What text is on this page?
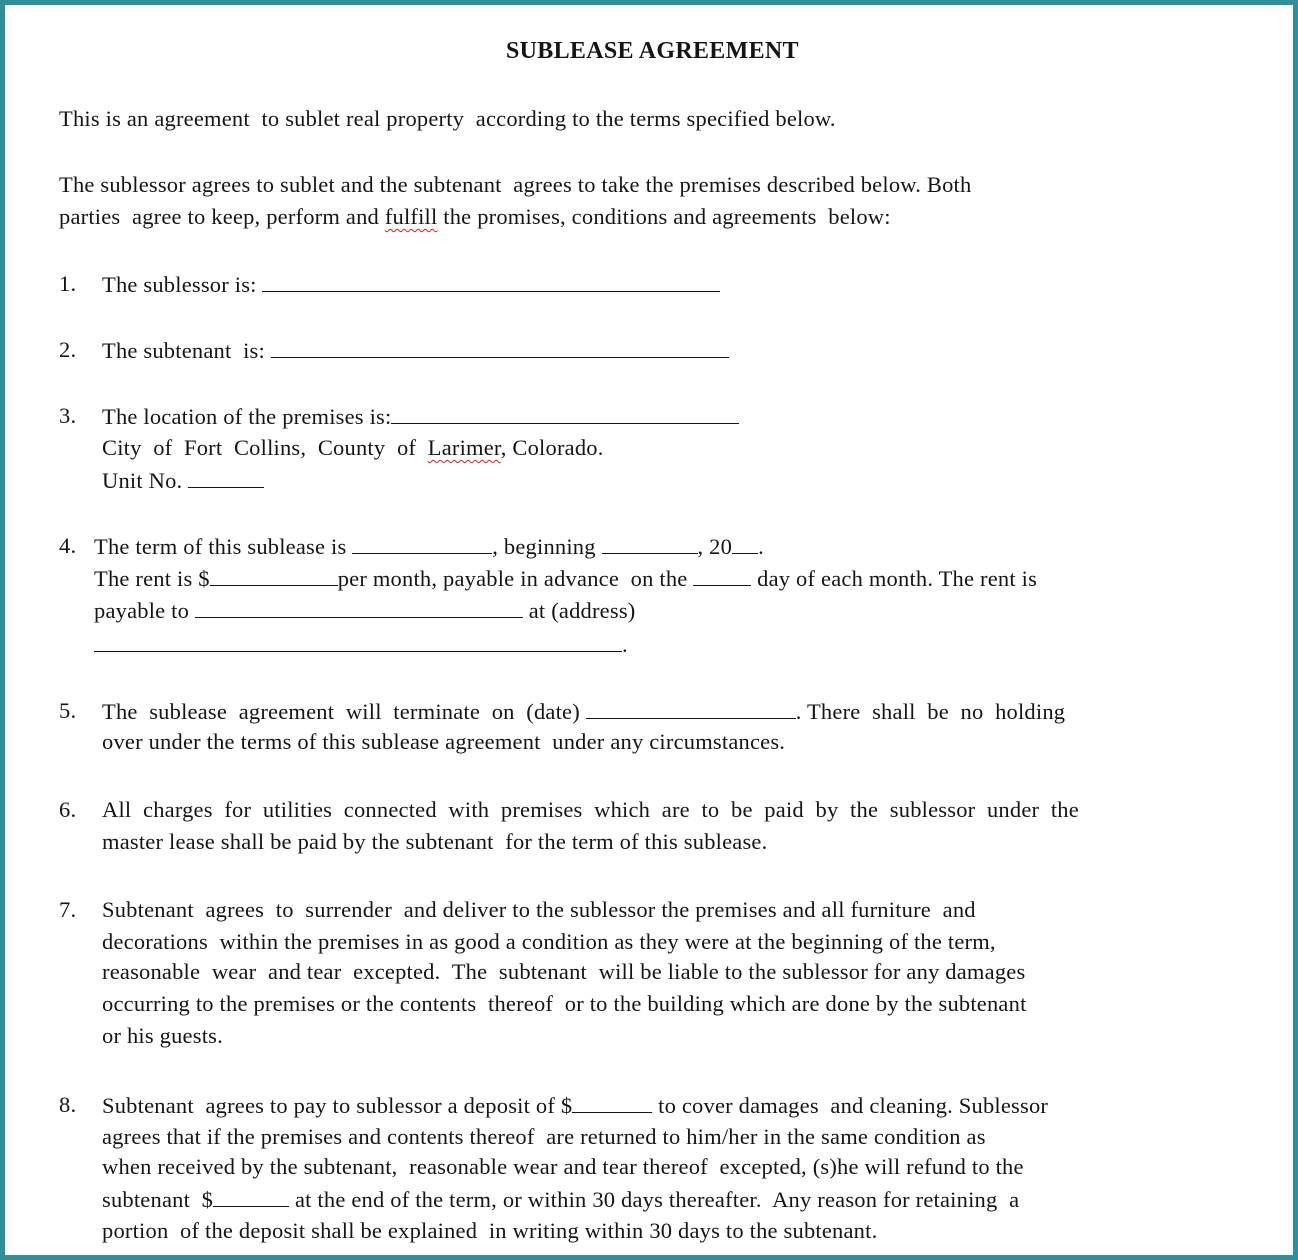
SUBLEASE AGREEMENT
This is an agreement  to sublet real property  according to the terms specified below.
The sublessor agrees to sublet and the subtenant  agrees to take the premises described below. Both
parties  agree to keep, perform and fulfill the promises, conditions and agreements  below:
1. The sublessor is:
2. The subtenant  is:
3. The location of the premises is:
City  of  Fort  Collins,  County  of  Larimer, Colorado.
Unit No.
4. The term of this sublease is	, beginning	, 20 .
The rent is $	per month, payable in advance  on the	day of each month. The rent is
payable to	at (address)
.
5. The  sublease  agreement  will  terminate  on  (date)	. There  shall  be  no  holding
over under the terms of this sublease agreement  under any circumstances.
6. All  charges  for  utilities  connected  with  premises  which  are  to  be  paid  by  the  sublessor  under  the
master lease shall be paid by the subtenant  for the term of this sublease.
7. Subtenant  agrees  to  surrender  and deliver to the sublessor the premises and all furniture  and
decorations  within the premises in as good a condition as they were at the beginning of the term,
reasonable  wear  and tear  excepted.  The  subtenant  will be liable to the sublessor for any damages
occurring to the premises or the contents  thereof  or to the building which are done by the subtenant
or his guests.
8. Subtenant  agrees to pay to sublessor a deposit of $	to cover damages  and cleaning. Sublessor
agrees that if the premises and contents thereof  are returned to him/her in the same condition as
when received by the subtenant,  reasonable wear and tear thereof  excepted, (s)he will refund to the
subtenant  $	at the end of the term, or within 30 days thereafter.  Any reason for retaining  a
portion  of the deposit shall be explained  in writing within 30 days to the subtenant.
